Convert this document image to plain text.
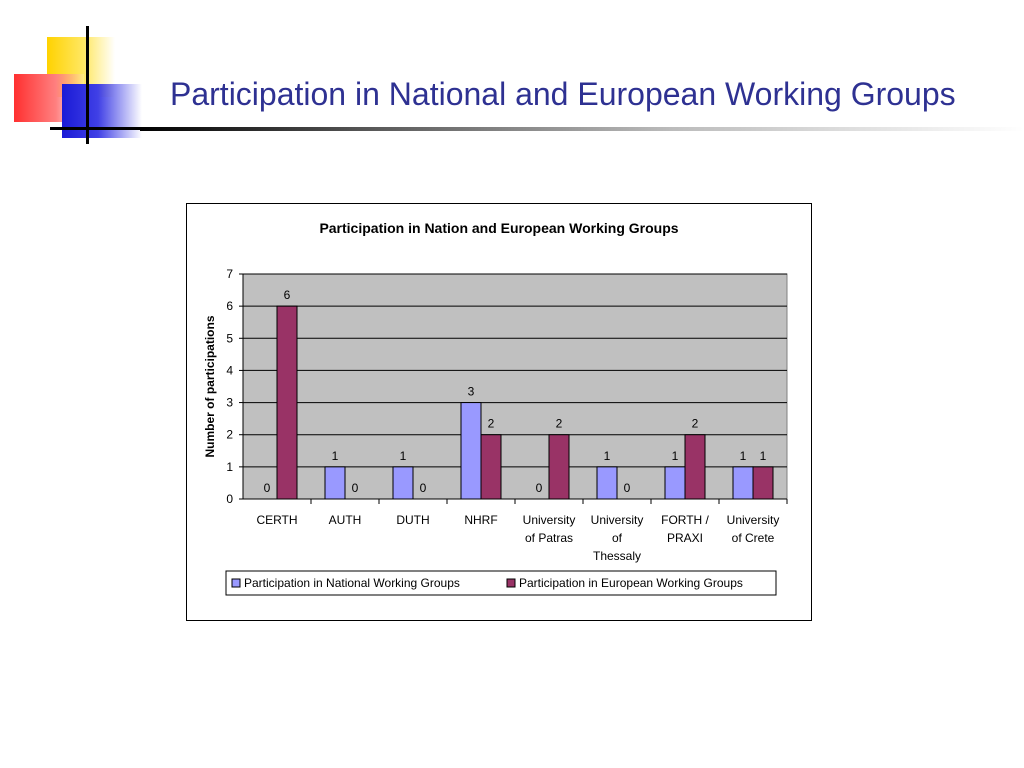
Participation in National and European Working Groups
Participation in Nation and European Working Groups
0
1
2
3
4
5
6
7
Number of participations
0
6
CERTH
1
0
AUTH
1
0
DUTH
3
2
NHRF
0
2
University
of Patras
1
0
University
of
Thessaly
1
2
FORTH /
PRAXI
1 1
University
of Crete
Participation in National Working Groups	Participation in European Working Groups
